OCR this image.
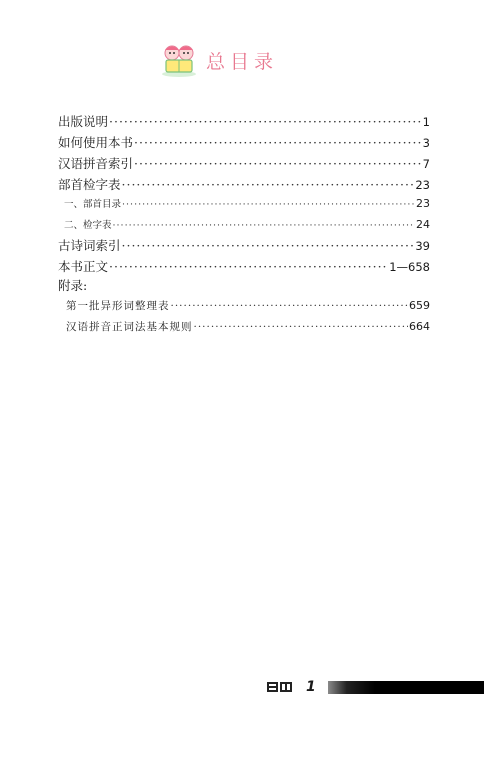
总目录
出版说明 ·····	1
如何使用本书 ·····	3
汉语拼音索引 ·····	7
部首检字表 ·····	23
一、部首目录 ·····	23
二、检字表 ·····	24
古诗词索引 ·····	39
本书正文 ·····	1—658
附录:
第一批异形词整理表 ·····	659
汉语拼音正词法基本规则 ·····	664
1
